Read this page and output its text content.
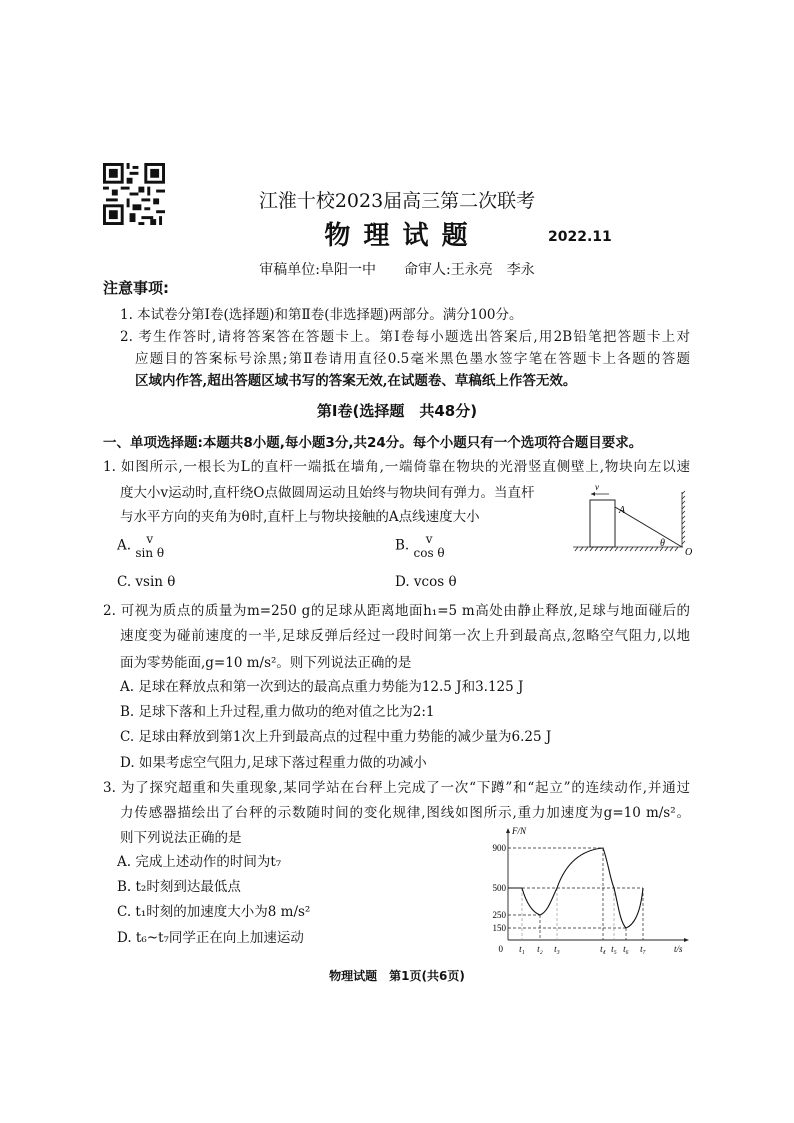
江淮十校2023届高三第二次联考
物 理 试 题	2022.11
审稿单位:阜阳一中　　命审人:王永亮　李永
注意事项:
1. 本试卷分第Ⅰ卷(选择题)和第Ⅱ卷(非选择题)两部分。满分100分。
2. 考生作答时,请将答案答在答题卡上。第Ⅰ卷每小题选出答案后,用2B铅笔把答题卡上对
应题目的答案标号涂黑;第Ⅱ卷请用直径0.5毫米黑色墨水签字笔在答题卡上各题的答题
区域内作答,超出答题区域书写的答案无效,在试题卷、草稿纸上作答无效。
第Ⅰ卷(选择题　共48分)
一、单项选择题:本题共8小题,每小题3分,共24分。每个小题只有一个选项符合题目要求。
1. 如图所示,一根长为L的直杆一端抵在墙角,一端倚靠在物块的光滑竖直侧壁上,物块向左以速
度大小v运动时,直杆绕O点做圆周运动且始终与物块间有弹力。当直杆
与水平方向的夹角为θ时,直杆上与物块接触的A点线速度大小
A.	v
sin θ	B.	v
cos θ
C. vsin θ	D. vcos θ
v
A
θ
O
2. 可视为质点的质量为m=250 g的足球从距离地面h₁=5 m高处由静止释放,足球与地面碰后的
速度变为碰前速度的一半,足球反弹后经过一段时间第一次上升到最高点,忽略空气阻力,以地
面为零势能面,g=10 m/s²。则下列说法正确的是
A. 足球在释放点和第一次到达的最高点重力势能为12.5 J和3.125 J
B. 足球下落和上升过程,重力做功的绝对值之比为2:1
C. 足球由释放到第1次上升到最高点的过程中重力势能的减少量为6.25 J
D. 如果考虑空气阻力,足球下落过程重力做的功减小
3. 为了探究超重和失重现象,某同学站在台秤上完成了一次“下蹲”和“起立”的连续动作,并通过
力传感器描绘出了台秤的示数随时间的变化规律,图线如图所示,重力加速度为g=10 m/s²。
则下列说法正确的是
A. 完成上述动作的时间为t₇
B. t₂时刻到达最低点
C. t₁时刻的加速度大小为8 m/s²
D. t₆~t₇同学正在向上加速运动
F/N
t/s
0
900
500
250
150
t₁ t₂ t₃	t₄ t₅ t₆ t₇
物理试题　第1页(共6页)
